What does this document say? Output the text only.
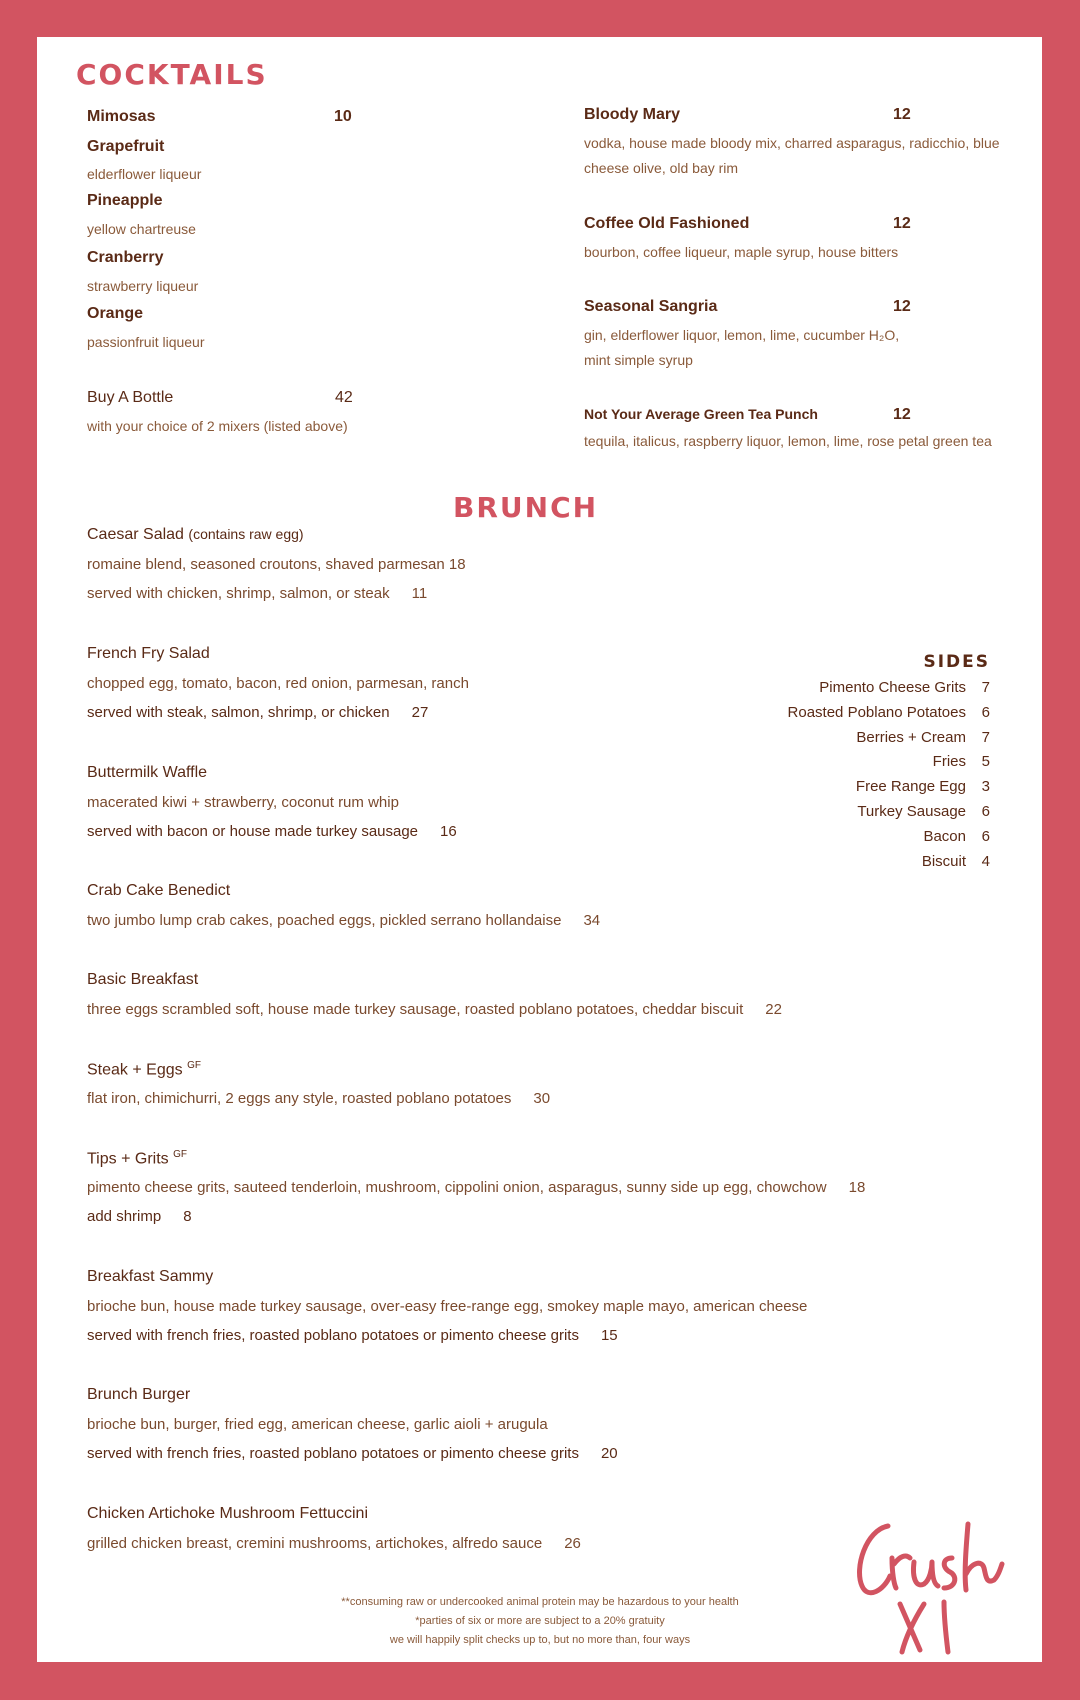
COCKTAILS
Mimosas	10
Grapefruit
elderflower liqueur
Pineapple
yellow chartreuse
Cranberry
strawberry liqueur
Orange
passionfruit liqueur
Buy A Bottle	42
with your choice of 2 mixers (listed above)
Bloody Mary	12
vodka, house made bloody mix, charred asparagus, radicchio, blue
cheese olive, old bay rim
Coffee Old Fashioned	12
bourbon, coffee liqueur, maple syrup, house bitters
Seasonal Sangria	12
gin, elderflower liquor, lemon, lime, cucumber H₂O,
mint simple syrup
Not Your Average Green Tea Punch	12
tequila, italicus, raspberry liquor, lemon, lime, rose petal green tea
BRUNCH
Caesar Salad (contains raw egg)
romaine blend, seasoned croutons, shaved parmesan 18
served with chicken, shrimp, salmon, or steak 11
French Fry Salad
chopped egg, tomato, bacon, red onion, parmesan, ranch
served with steak, salmon, shrimp, or chicken 27
Buttermilk Waffle
macerated kiwi + strawberry, coconut rum whip
served with bacon or house made turkey sausage 16
Crab Cake Benedict
two jumbo lump crab cakes, poached eggs, pickled serrano hollandaise 34
Basic Breakfast
three eggs scrambled soft, house made turkey sausage, roasted poblano potatoes, cheddar biscuit 22
Steak + Eggs $^{GF}$
flat iron, chimichurri, 2 eggs any style, roasted poblano potatoes 30
Tips + Grits $^{GF}$
pimento cheese grits, sauteed tenderloin, mushroom, cippolini onion, asparagus, sunny side up egg, chowchow 18
add shrimp 8
Breakfast Sammy
brioche bun, house made turkey sausage, over-easy free-range egg, smokey maple mayo, american cheese
served with french fries, roasted poblano potatoes or pimento cheese grits 15
Brunch Burger
brioche bun, burger, fried egg, american cheese, garlic aioli + arugula
served with french fries, roasted poblano potatoes or pimento cheese grits 20
Chicken Artichoke Mushroom Fettuccini
grilled chicken breast, cremini mushrooms, artichokes, alfredo sauce 26
SIDES
Pimento Cheese Grits 7
Roasted Poblano Potatoes 6
Berries + Cream 7
Fries 5
Free Range Egg 3
Turkey Sausage 6
Bacon 6
Biscuit 4
**consuming raw or undercooked animal protein may be hazardous to your health
*parties of six or more are subject to a 20% gratuity
we will happily split checks up to, but no more than, four ways
